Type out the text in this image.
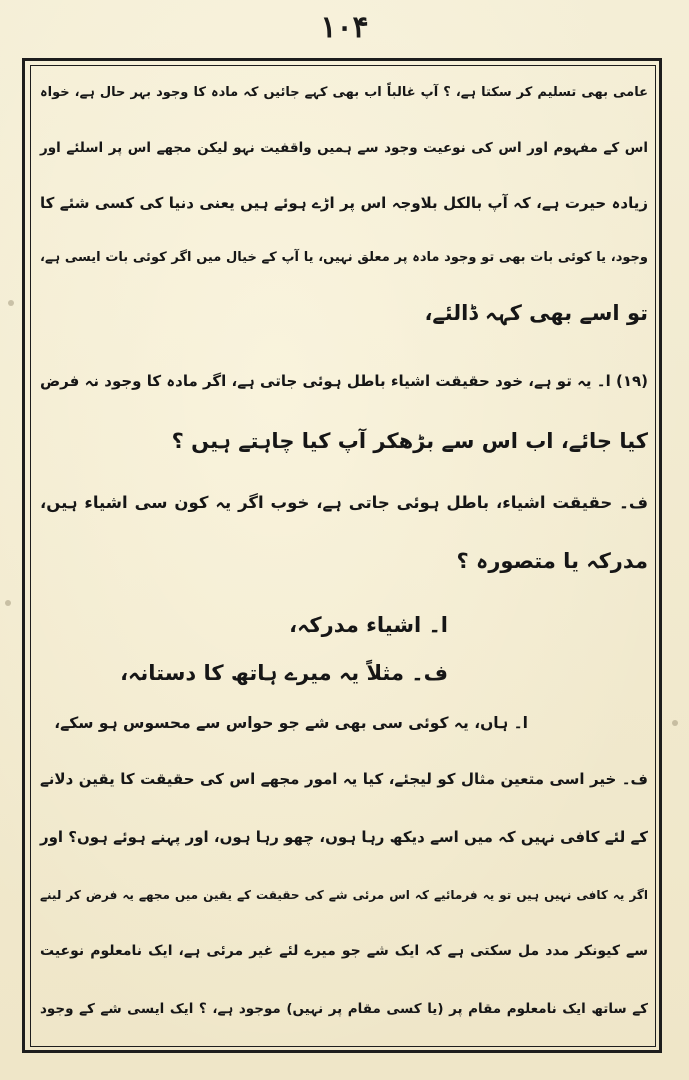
۱۰۴
عامی بھی تسلیم کر سکتا ہے، ؟ آپ غالباً اب بھی کہے جائیں کہ مادہ کا وجود بہر حال ہے، خواہ
اس کے مفہوم اور اس کی نوعیت وجود سے ہمیں واقفیت نہو لیکن مجھے اس پر اسلئے اور
زیادہ حیرت ہے، کہ آپ بالکل بلاوجہ اس پر اڑے ہوئے ہیں یعنی دنیا کی کسی شئے کا
وجود، یا کوئی بات بھی تو وجود مادہ پر معلق نہیں، یا آپ کے خیال میں اگر کوئی بات ایسی ہے،
تو اسے بھی کہہ ڈالئے،
(۱۹) ا۔ یہ تو ہے، خود حقیقت اشیاء باطل ہوئی جاتی ہے، اگر مادہ کا وجود نہ فرض
کیا جائے، اب اس سے بڑھکر آپ کیا چاہتے ہیں ؟
ف۔ حقیقت اشیاء، باطل ہوئی جاتی ہے، خوب اگر یہ کون سی اشیاء ہیں،
مدرکہ یا متصورہ ؟
ا۔ اشیاء مدرکہ،
ف۔ مثلاً یہ میرے ہاتھ کا دستانہ،
ا۔ ہاں، یہ کوئی سی بھی شے جو حواس سے محسوس ہو سکے،
ف۔ خیر اسی متعین مثال کو لیجئے، کیا یہ امور مجھے اس کی حقیقت کا یقین دلانے
کے لئے کافی نہیں کہ میں اسے دیکھ رہا ہوں، چھو رہا ہوں، اور پہنے ہوئے ہوں؟ اور
اگر یہ کافی نہیں ہیں تو یہ فرمائیے کہ اس مرئی شے کی حقیقت کے یقین میں مجھے یہ فرض کر لینے
سے کیونکر مدد مل سکتی ہے کہ ایک شے جو میرے لئے غیر مرئی ہے، ایک نامعلوم نوعیت
کے ساتھ ایک نامعلوم مقام پر (یا کسی مقام پر نہیں) موجود ہے، ؟ ایک ایسی شے کے وجود
